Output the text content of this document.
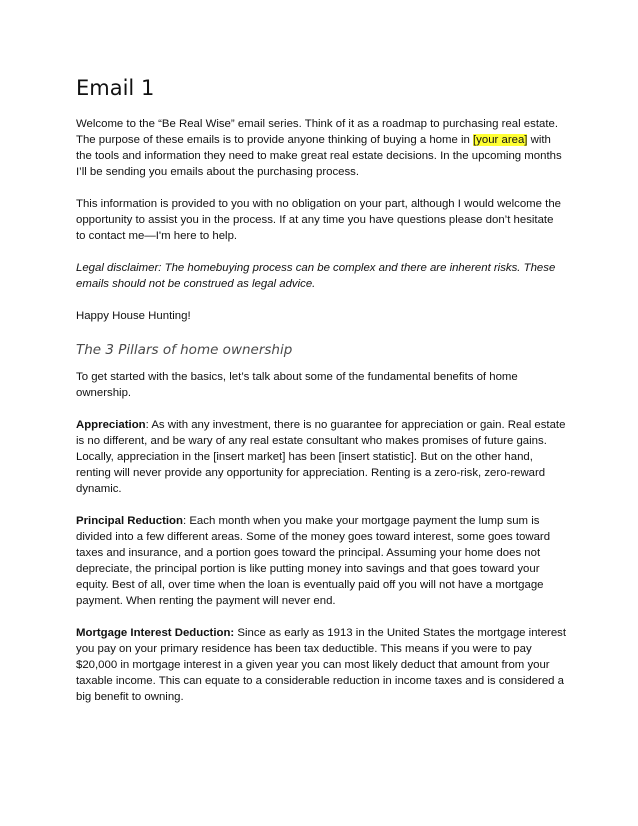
Email 1

Welcome to the “Be Real Wise” email series. Think of it as a roadmap to purchasing real estate. The purpose of these emails is to provide anyone thinking of buying a home in [your area] with the tools and information they need to make great real estate decisions. In the upcoming months I’ll be sending you emails about the purchasing process.

This information is provided to you with no obligation on your part, although I would welcome the opportunity to assist you in the process. If at any time you have questions please don’t hesitate to contact me—I'm here to help.

Legal disclaimer: The homebuying process can be complex and there are inherent risks. These emails should not be construed as legal advice.

Happy House Hunting!

The 3 Pillars of home ownership

To get started with the basics, let’s talk about some of the fundamental benefits of home ownership.

Appreciation: As with any investment, there is no guarantee for appreciation or gain. Real estate is no different, and be wary of any real estate consultant who makes promises of future gains. Locally, appreciation in the [insert market] has been [insert statistic]. But on the other hand, renting will never provide any opportunity for appreciation. Renting is a zero-risk, zero-reward dynamic.

Principal Reduction: Each month when you make your mortgage payment the lump sum is divided into a few different areas. Some of the money goes toward interest, some goes toward taxes and insurance, and a portion goes toward the principal. Assuming your home does not depreciate, the principal portion is like putting money into savings and that goes toward your equity. Best of all, over time when the loan is eventually paid off you will not have a mortgage payment. When renting the payment will never end.

Mortgage Interest Deduction: Since as early as 1913 in the United States the mortgage interest you pay on your primary residence has been tax deductible. This means if you were to pay $20,000 in mortgage interest in a given year you can most likely deduct that amount from your taxable income. This can equate to a considerable reduction in income taxes and is considered a big benefit to owning.
